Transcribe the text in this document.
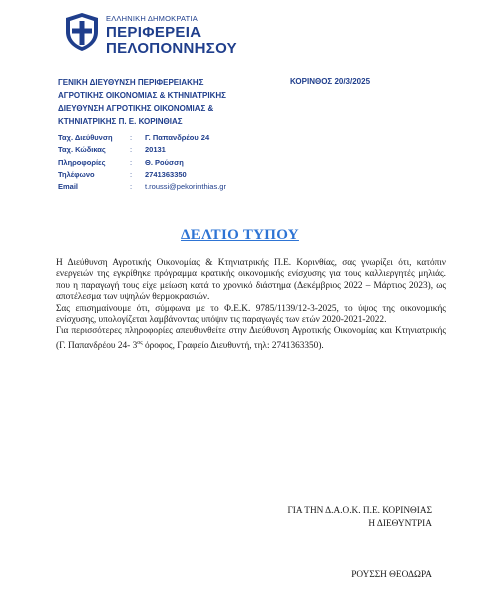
ΕΛΛΗΝΙΚΗ ΔΗΜΟΚΡΑΤΙΑ
ΠΕΡΙΦΕΡΕΙΑ
ΠΕΛΟΠΟΝΝΗΣΟΥ
ΓΕΝΙΚΗ ΔΙΕΥΘΥΝΣΗ ΠΕΡΙΦΕΡΕΙΑΚΗΣ
ΑΓΡΟΤΙΚΗΣ ΟΙΚΟΝΟΜΙΑΣ & ΚΤΗΝΙΑΤΡΙΚΗΣ
ΔΙΕΥΘΥΝΣΗ ΑΓΡΟΤΙΚΗΣ ΟΙΚΟΝΟΜΙΑΣ &
ΚΤΗΝΙΑΤΡΙΚΗΣ Π. Ε. ΚΟΡΙΝΘΙΑΣ
ΚΟΡΙΝΘΟΣ 20/3/2025
Ταχ. Διεύθυνση : Γ. Παπανδρέου 24
Ταχ. Κώδικας	: 20131
Πληροφορίες	: Θ. Ρούσση
Τηλέφωνο	: 2741363350
Email	: t.roussi@pekorinthias.gr
ΔΕΛΤΙΟ ΤΥΠΟΥ

Η Διεύθυνση Αγροτικής Οικονομίας & Κτηνιατρικής Π.Ε. Κορινθίας, σας γνωρίζει ότι, κατόπιν ενεργειών της εγκρίθηκε πρόγραμμα κρατικής οικονομικής ενίσχυσης για τους καλλιεργητές μηλιάς. που η παραγωγή τους είχε μείωση κατά το χρονικό διάστημα (Δεκέμβριος 2022 – Μάρτιος 2023), ως αποτέλεσμα των υψηλών θερμοκρασιών.

Σας επισημαίνουμε ότι, σύμφωνα με το Φ.Ε.Κ. 9785/1139/12-3-2025, το ύψος της οικονομικής ενίσχυσης, υπολογίζεται λαμβάνοντας υπόψιν τις παραγωγές των ετών 2020-2021-2022.

Για περισσότερες πληροφορίες απευθυνθείτε στην Διεύθυνση Αγροτικής Οικονομίας και Κτηνιατρικής (Γ. Παπανδρέου 24- $3^{o\varsigma}$ όροφος, Γραφείο Διευθυντή, τηλ: 2741363350).

ΓΙΑ ΤΗΝ Δ.Α.Ο.Κ. Π.Ε. ΚΟΡΙΝΘΙΑΣ
Η ΔΙΕΘΥΝΤΡΙΑ
ΡΟΥΣΣΗ ΘΕΟΔΩΡΑ
